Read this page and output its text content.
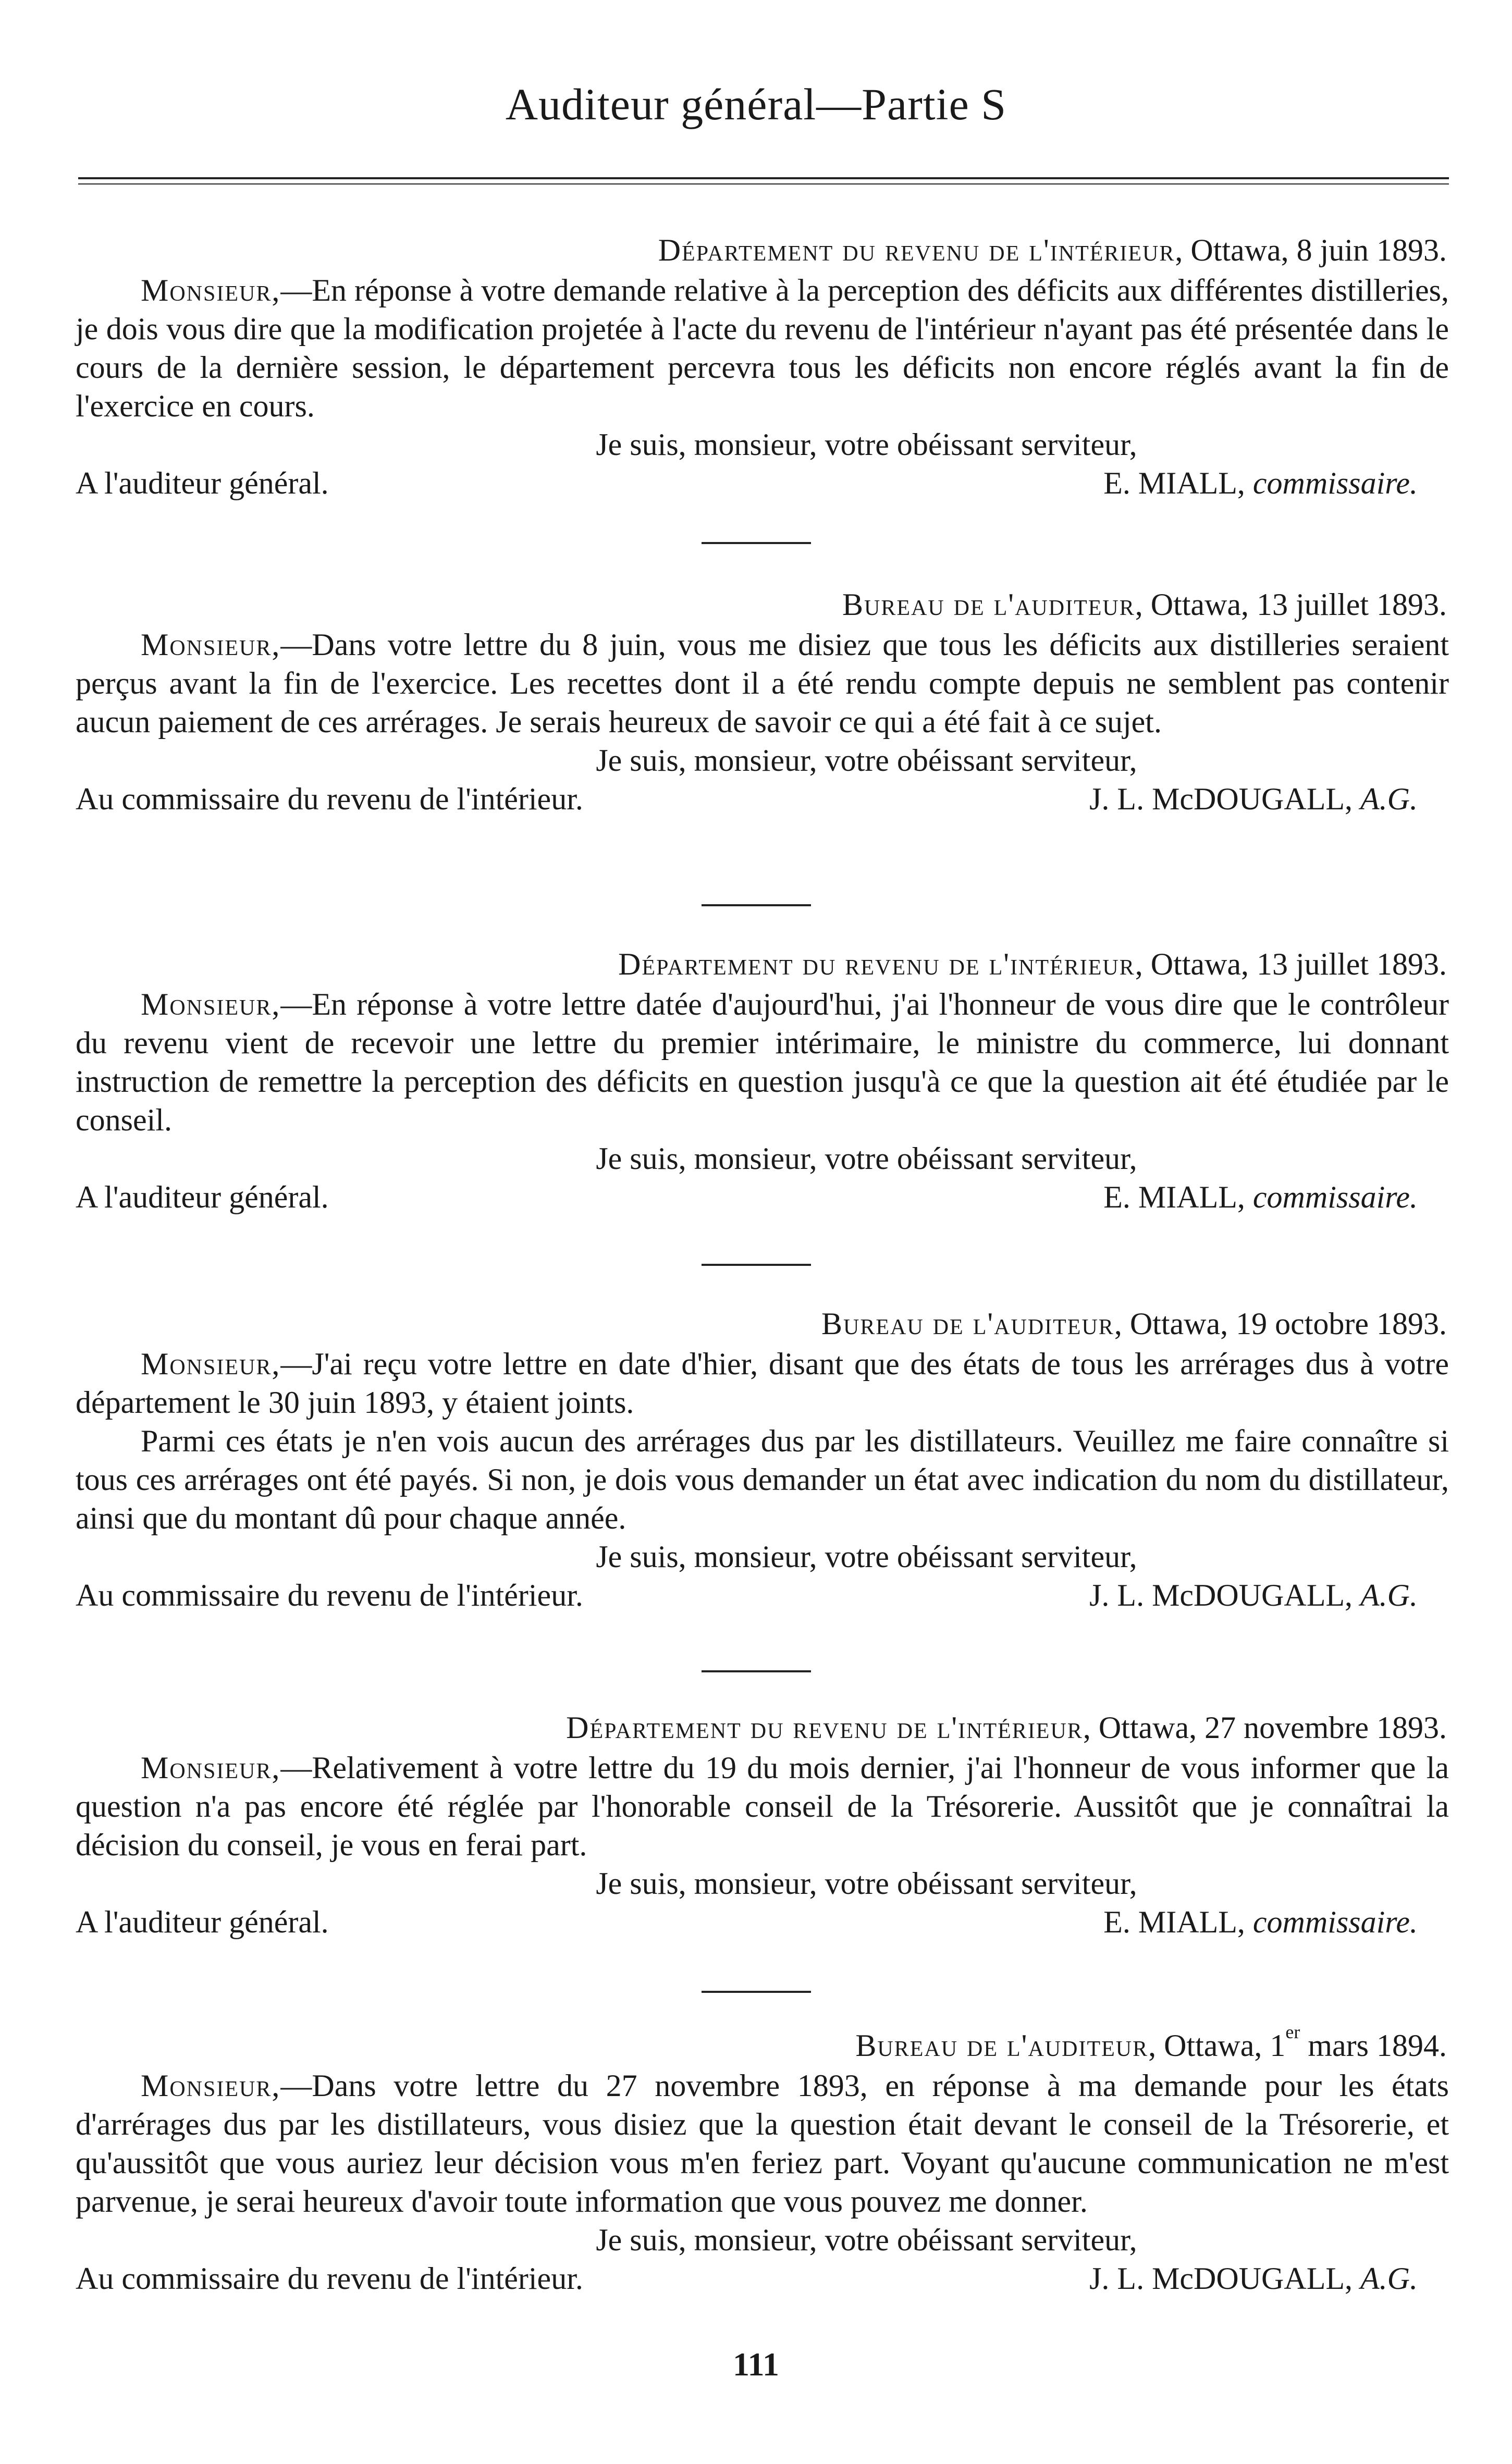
Auditeur général—Partie S
Département du revenu de l'intérieur, Ottawa, 8 juin 1893.

Monsieur,—En réponse à votre demande relative à la perception des déficits aux différentes distilleries, je dois vous dire que la modification projetée à l'acte du revenu de l'intérieur n'ayant pas été présentée dans le cours de la dernière session, le département percevra tous les déficits non encore réglés avant la fin de l'exercice en cours.

Je suis, monsieur, votre obéissant serviteur,
A l'auditeur général.	E. MIALL, commissaire.
Bureau de l'auditeur, Ottawa, 13 juillet 1893.

Monsieur,—Dans votre lettre du 8 juin, vous me disiez que tous les déficits aux distilleries seraient perçus avant la fin de l'exercice. Les recettes dont il a été rendu compte depuis ne semblent pas contenir aucun paiement de ces arrérages. Je serais heureux de savoir ce qui a été fait à ce sujet.

Je suis, monsieur, votre obéissant serviteur,
Au commissaire du revenu de l'intérieur.	J. L. McDOUGALL, A.G.
Département du revenu de l'intérieur, Ottawa, 13 juillet 1893.

Monsieur,—En réponse à votre lettre datée d'aujourd'hui, j'ai l'honneur de vous dire que le contrôleur du revenu vient de recevoir une lettre du premier intérimaire, le ministre du commerce, lui donnant instruction de remettre la perception des déficits en question jusqu'à ce que la question ait été étudiée par le conseil.

Je suis, monsieur, votre obéissant serviteur,
A l'auditeur général.	E. MIALL, commissaire.
Bureau de l'auditeur, Ottawa, 19 octobre 1893.

Monsieur,—J'ai reçu votre lettre en date d'hier, disant que des états de tous les arrérages dus à votre département le 30 juin 1893, y étaient joints.

Parmi ces états je n'en vois aucun des arrérages dus par les distillateurs. Veuillez me faire connaître si tous ces arrérages ont été payés. Si non, je dois vous demander un état avec indication du nom du distillateur, ainsi que du montant dû pour chaque année.

Je suis, monsieur, votre obéissant serviteur,
Au commissaire du revenu de l'intérieur.	J. L. McDOUGALL, A.G.
Département du revenu de l'intérieur, Ottawa, 27 novembre 1893.

Monsieur,—Relativement à votre lettre du 19 du mois dernier, j'ai l'honneur de vous informer que la question n'a pas encore été réglée par l'honorable conseil de la Trésorerie. Aussitôt que je connaîtrai la décision du conseil, je vous en ferai part.

Je suis, monsieur, votre obéissant serviteur,
A l'auditeur général.	E. MIALL, commissaire.
Bureau de l'auditeur, Ottawa, 1er mars 1894.

Monsieur,—Dans votre lettre du 27 novembre 1893, en réponse à ma demande pour les états d'arrérages dus par les distillateurs, vous disiez que la question était devant le conseil de la Trésorerie, et qu'aussitôt que vous auriez leur décision vous m'en feriez part. Voyant qu'aucune communication ne m'est parvenue, je serai heureux d'avoir toute information que vous pouvez me donner.

Je suis, monsieur, votre obéissant serviteur,
Au commissaire du revenu de l'intérieur.	J. L. McDOUGALL, A.G.
111
